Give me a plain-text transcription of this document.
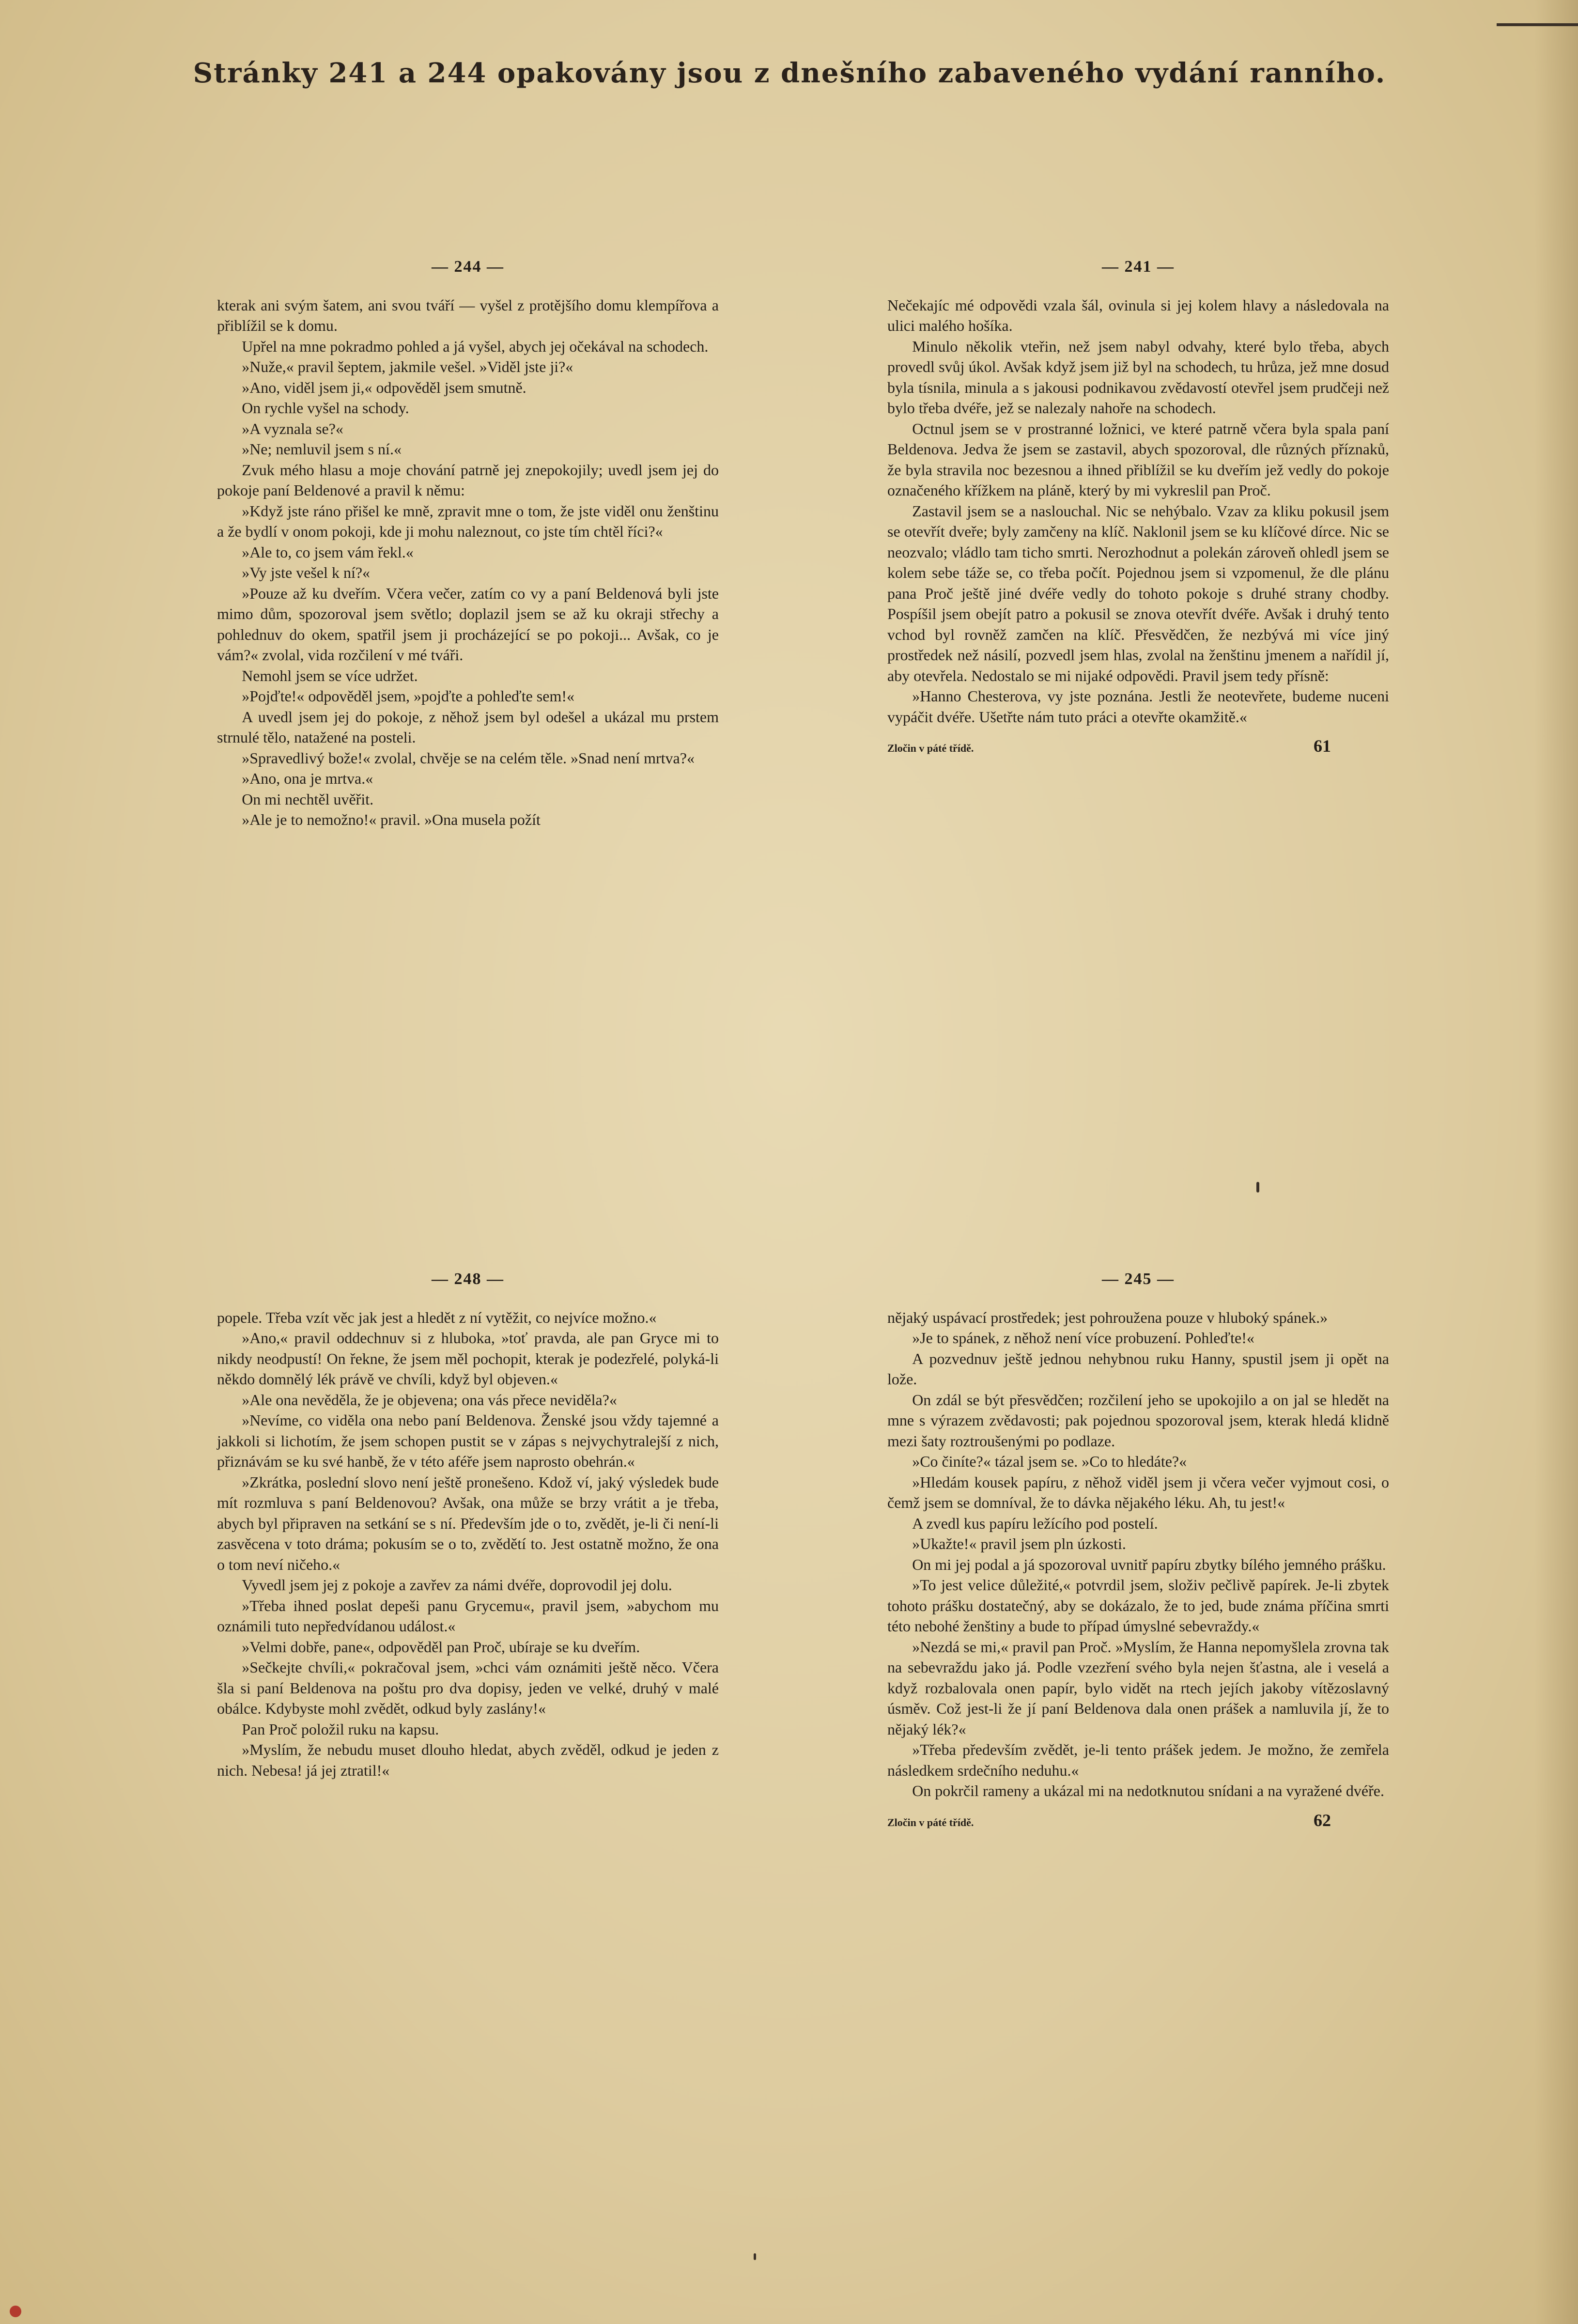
Stránky 241 a 244 opakovány jsou z dnešního zabaveného vydání ranního.
— 244 —

kterak ani svým šatem, ani svou tváří — vyšel z protějšího domu klempířova a přiblížil se k domu.

Upřel na mne pokradmo pohled a já vyšel, abych jej očekával na schodech.

»Nuže,« pravil šeptem, jakmile vešel. »Viděl jste ji?«

»Ano, viděl jsem ji,« odpověděl jsem smutně.

On rychle vyšel na schody.

»A vyznala se?«

»Ne; nemluvil jsem s ní.«

Zvuk mého hlasu a moje chování patrně jej znepokojily; uvedl jsem jej do pokoje paní Beldenové a pravil k němu:

»Když jste ráno přišel ke mně, zpravit mne o tom, že jste viděl onu ženštinu a že bydlí v onom pokoji, kde ji mohu naleznout, co jste tím chtěl říci?«

»Ale to, co jsem vám řekl.«

»Vy jste vešel k ní?«

»Pouze až ku dveřím. Včera večer, zatím co vy a paní Beldenová byli jste mimo dům, spozoroval jsem světlo; doplazil jsem se až ku okraji střechy a pohlednuv do okem, spatřil jsem ji procházející se po pokoji... Avšak, co je vám?« zvolal, vida rozčilení v mé tváři.

Nemohl jsem se více udržet.

»Pojďte!« odpověděl jsem, »pojďte a pohleďte sem!«

A uvedl jsem jej do pokoje, z něhož jsem byl odešel a ukázal mu prstem strnulé tělo, natažené na posteli.

»Spravedlivý bože!« zvolal, chvěje se na celém těle. »Snad není mrtva?«

»Ano, ona je mrtva.«

On mi nechtěl uvěřit.

»Ale je to nemožno!« pravil. »Ona musela požít

— 241 —

Nečekajíc mé odpovědi vzala šál, ovinula si jej kolem hlavy a následovala na ulici malého hošíka.

Minulo několik vteřin, než jsem nabyl odvahy, které bylo třeba, abych provedl svůj úkol. Avšak když jsem již byl na schodech, tu hrůza, jež mne dosud byla tísnila, minula a s jakousi podnikavou zvědavostí otevřel jsem prudčeji než bylo třeba dvéře, jež se nalezaly nahoře na schodech.

Octnul jsem se v prostranné ložnici, ve které patrně včera byla spala paní Beldenova. Jedva že jsem se zastavil, abych spozoroval, dle různých příznaků, že byla stravila noc bezesnou a ihned přiblížil se ku dveřím jež vedly do pokoje označeného křížkem na pláně, který by mi vykreslil pan Proč.

Zastavil jsem se a naslouchal. Nic se nehýbalo. Vzav za kliku pokusil jsem se otevřít dveře; byly zamčeny na klíč. Naklonil jsem se ku klíčové dírce. Nic se neozvalo; vládlo tam ticho smrti. Nerozhodnut a polekán zároveň ohledl jsem se kolem sebe táže se, co třeba počít. Pojednou jsem si vzpomenul, že dle plánu pana Proč ještě jiné dvéře vedly do tohoto pokoje s druhé strany chodby. Pospíšil jsem obejít patro a pokusil se znova otevřít dvéře. Avšak i druhý tento vchod byl rovněž zamčen na klíč. Přesvědčen, že nezbývá mi více jiný prostředek než násilí, pozvedl jsem hlas, zvolal na ženštinu jmenem a nařídil jí, aby otevřela. Nedostalo se mi nijaké odpovědi. Pravil jsem tedy přísně:

»Hanno Chesterova, vy jste poznána. Jestli že neotevřete, budeme nuceni vypáčit dvéře. Ušetřte nám tuto práci a otevřte okamžitě.«

Zločin v páté třídě.	61
— 248 —

popele. Třeba vzít věc jak jest a hledět z ní vytěžit, co nejvíce možno.«

»Ano,« pravil oddechnuv si z hluboka, »toť pravda, ale pan Gryce mi to nikdy neodpustí! On řekne, že jsem měl pochopit, kterak je podezřelé, polyká-li někdo domnělý lék právě ve chvíli, když byl objeven.«

»Ale ona nevěděla, že je objevena; ona vás přece neviděla?«

»Nevíme, co viděla ona nebo paní Beldenova. Ženské jsou vždy tajemné a jakkoli si lichotím, že jsem schopen pustit se v zápas s nejvychytralejší z nich, přiznávám se ku své hanbě, že v této aféře jsem naprosto obehrán.«

»Zkrátka, poslední slovo není ještě pronešeno. Kdož ví, jaký výsledek bude mít rozmluva s paní Beldenovou? Avšak, ona může se brzy vrátit a je třeba, abych byl připraven na setkání se s ní. Především jde o to, zvědět, je-li či není-li zasvěcena v toto dráma; pokusím se o to, zvědětí to. Jest ostatně možno, že ona o tom neví ničeho.«

Vyvedl jsem jej z pokoje a zavřev za námi dvéře, doprovodil jej dolu.

»Třeba ihned poslat depeši panu Grycemu«, pravil jsem, »abychom mu oznámili tuto nepředvídanou událost.«

»Velmi dobře, pane«, odpověděl pan Proč, ubíraje se ku dveřím.

»Sečkejte chvíli,« pokračoval jsem, »chci vám oznámiti ještě něco. Včera šla si paní Beldenova na poštu pro dva dopisy, jeden ve velké, druhý v malé obálce. Kdybyste mohl zvědět, odkud byly zaslány!«

Pan Proč položil ruku na kapsu.

»Myslím, že nebudu muset dlouho hledat, abych zvěděl, odkud je jeden z nich. Nebesa! já jej ztratil!«

— 245 —

nějaký uspávací prostředek; jest pohroužena pouze v hluboký spánek.»

»Je to spánek, z něhož není více probuzení. Pohleďte!«

A pozvednuv ještě jednou nehybnou ruku Hanny, spustil jsem ji opět na lože.

On zdál se být přesvědčen; rozčilení jeho se upokojilo a on jal se hledět na mne s výrazem zvědavosti; pak pojednou spozoroval jsem, kterak hledá klidně mezi šaty roztroušenými po podlaze.

»Co činíte?« tázal jsem se. »Co to hledáte?«

»Hledám kousek papíru, z něhož viděl jsem ji včera večer vyjmout cosi, o čemž jsem se domníval, že to dávka nějakého léku. Ah, tu jest!«

A zvedl kus papíru ležícího pod postelí.

»Ukažte!« pravil jsem pln úzkosti.

On mi jej podal a já spozoroval uvnitř papíru zbytky bílého jemného prášku.

»To jest velice důležité,« potvrdil jsem, složiv pečlivě papírek. Je-li zbytek tohoto prášku dostatečný, aby se dokázalo, že to jed, bude známa příčina smrti této nebohé ženštiny a bude to případ úmyslné sebevraždy.«

»Nezdá se mi,« pravil pan Proč. »Myslím, že Hanna nepomyšlela zrovna tak na sebevraždu jako já. Podle vzezření svého byla nejen šťastna, ale i veselá a když rozbalovala onen papír, bylo vidět na rtech jejích jakoby vítězoslavný úsměv. Což jest-li že jí paní Beldenova dala onen prášek a namluvila jí, že to nějaký lék?«

»Třeba především zvědět, je-li tento prášek jedem. Je možno, že zemřela následkem srdečního neduhu.«

On pokrčil rameny a ukázal mi na nedotknutou snídani a na vyražené dvéře.

Zločin v páté třídě.	62
